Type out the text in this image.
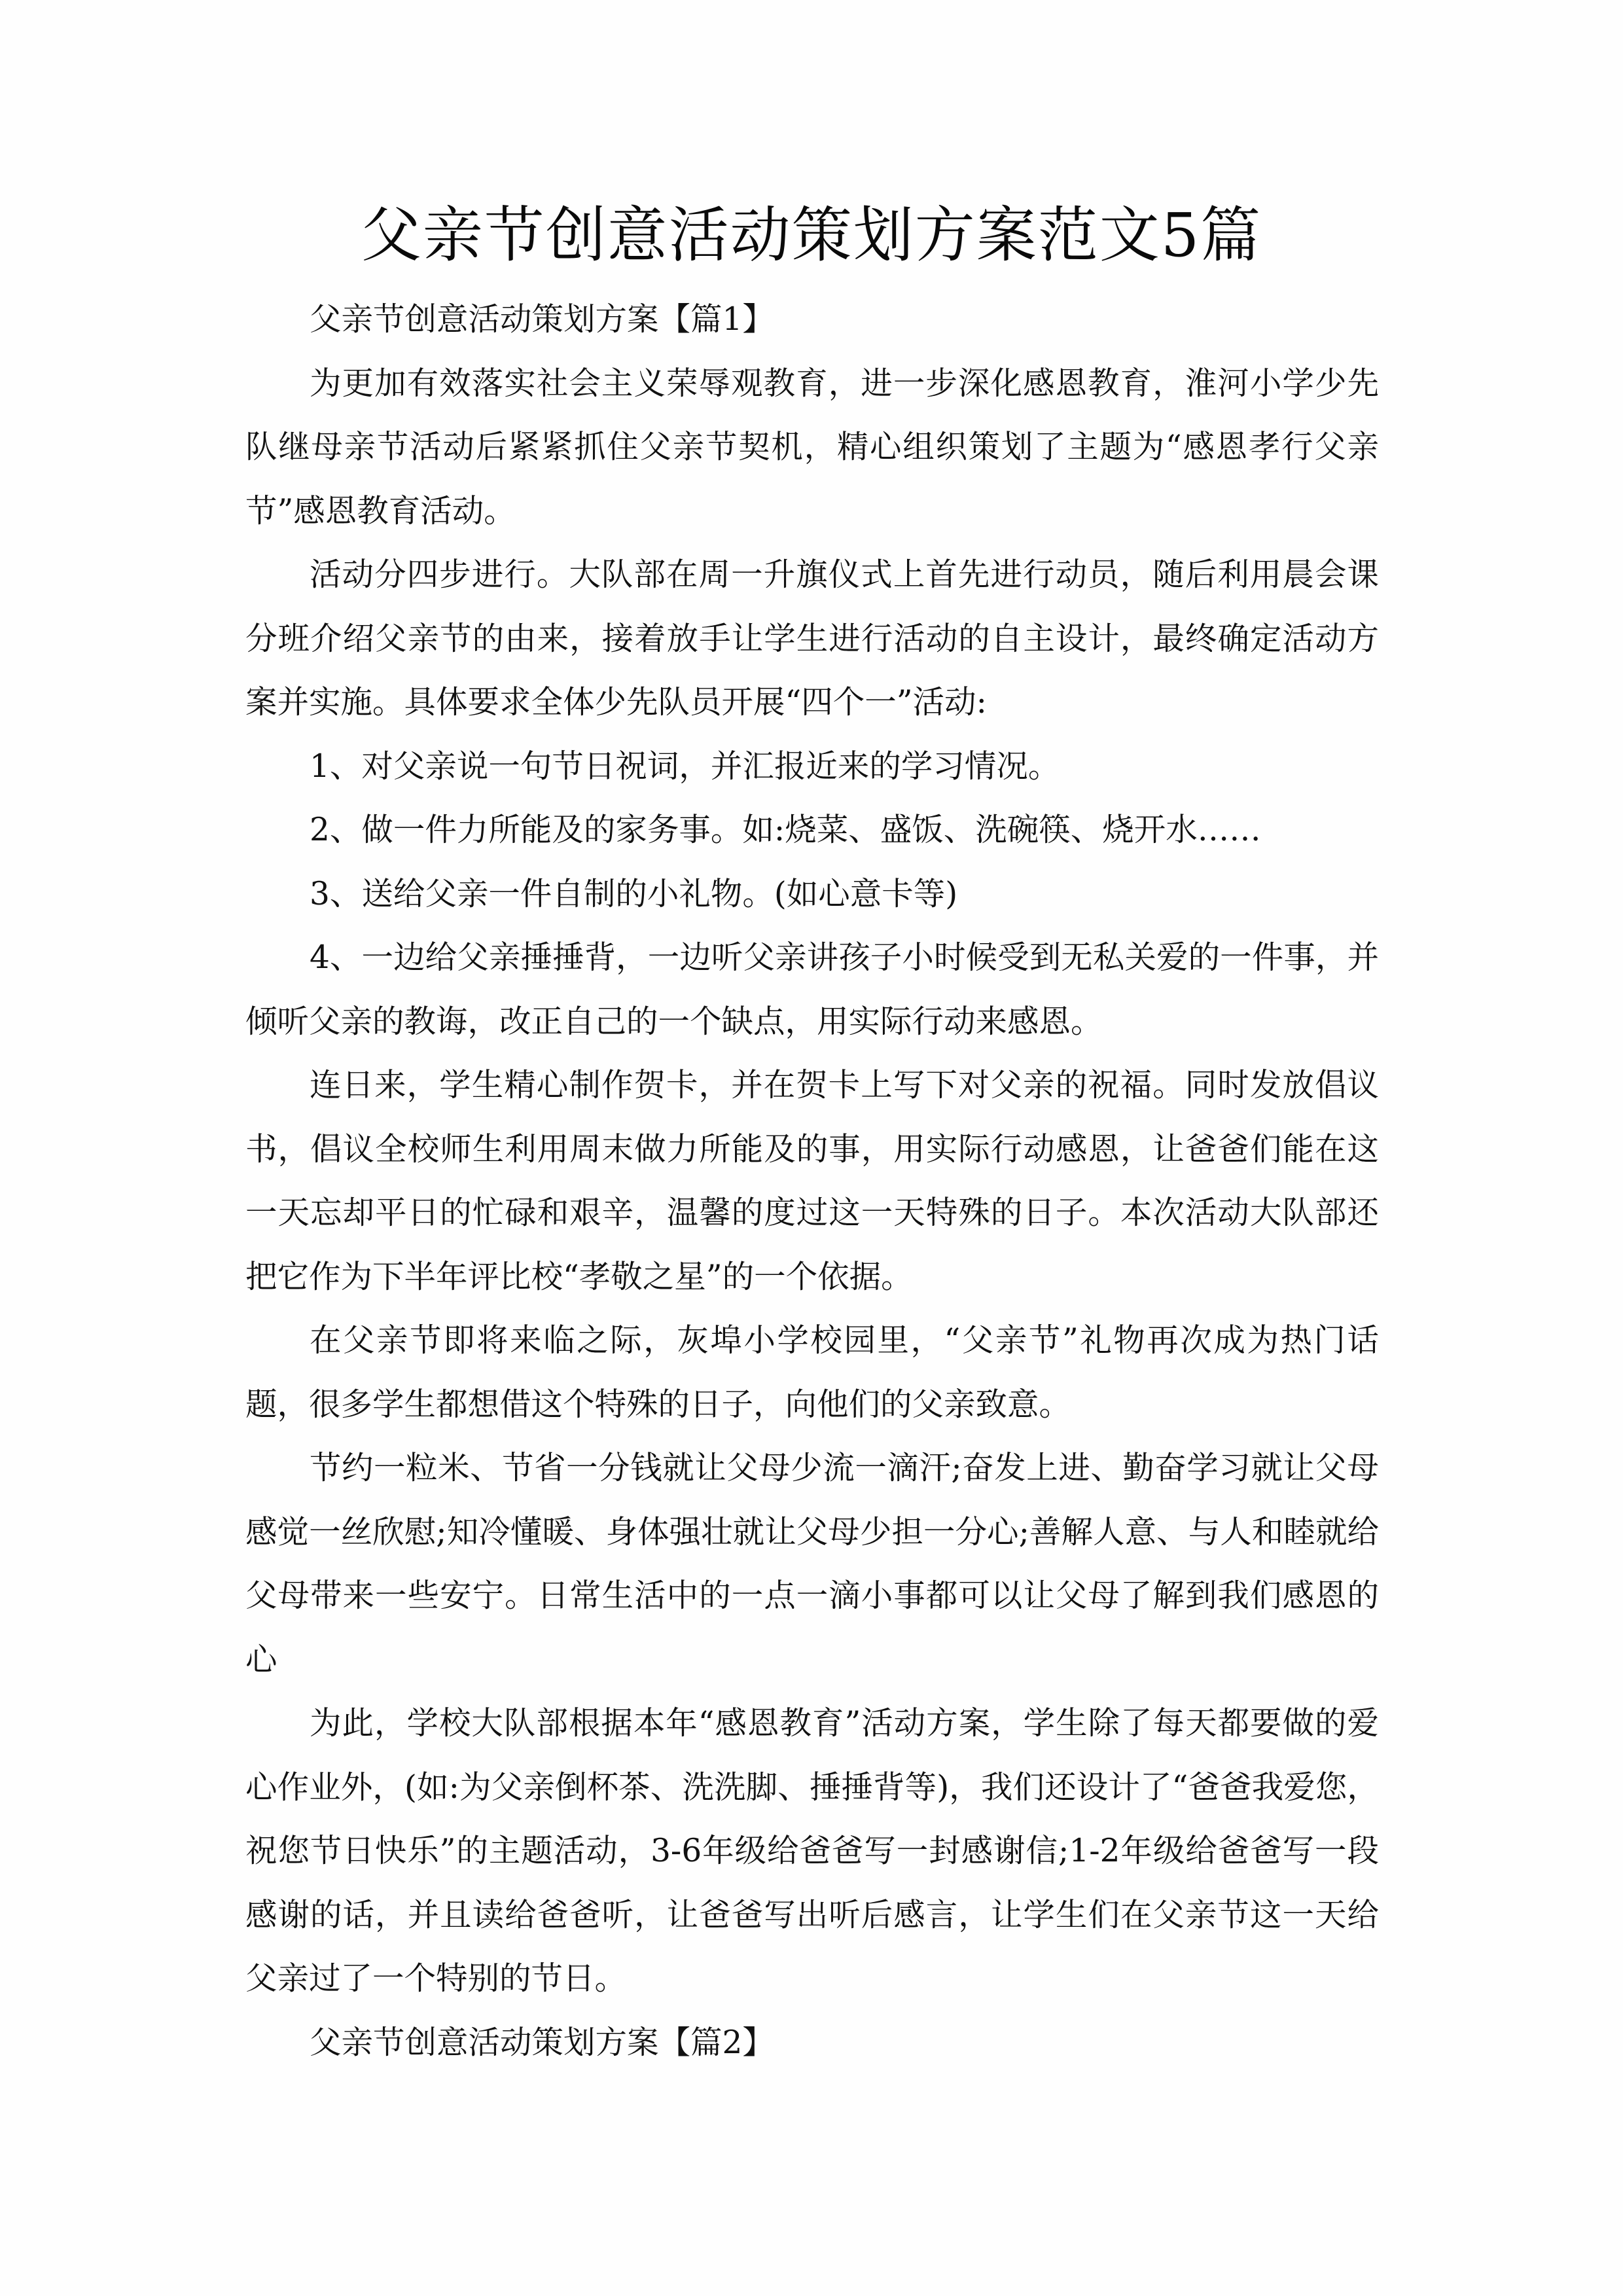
父亲节创意活动策划方案范文5篇

父亲节创意活动策划方案【篇1】

为更加有效落实社会主义荣辱观教育，进一步深化感恩教育，淮河小学少先队继母亲节活动后紧紧抓住父亲节契机，精心组织策划了主题为“感恩孝行父亲节”感恩教育活动。

活动分四步进行。大队部在周一升旗仪式上首先进行动员，随后利用晨会课分班介绍父亲节的由来，接着放手让学生进行活动的自主设计，最终确定活动方案并实施。具体要求全体少先队员开展“四个一”活动:

1、对父亲说一句节日祝词，并汇报近来的学习情况。

2、做一件力所能及的家务事。如:烧菜、盛饭、洗碗筷、烧开水……

3、送给父亲一件自制的小礼物。(如心意卡等)

4、一边给父亲捶捶背，一边听父亲讲孩子小时候受到无私关爱的一件事，并倾听父亲的教诲，改正自己的一个缺点，用实际行动来感恩。

连日来，学生精心制作贺卡，并在贺卡上写下对父亲的祝福。同时发放倡议书，倡议全校师生利用周末做力所能及的事，用实际行动感恩，让爸爸们能在这一天忘却平日的忙碌和艰辛，温馨的度过这一天特殊的日子。本次活动大队部还把它作为下半年评比校“孝敬之星”的一个依据。

在父亲节即将来临之际，灰埠小学校园里，“父亲节”礼物再次成为热门话题，很多学生都想借这个特殊的日子，向他们的父亲致意。

节约一粒米、节省一分钱就让父母少流一滴汗;奋发上进、勤奋学习就让父母感觉一丝欣慰;知冷懂暖、身体强壮就让父母少担一分心;善解人意、与人和睦就给父母带来一些安宁。日常生活中的一点一滴小事都可以让父母了解到我们感恩的心

为此，学校大队部根据本年“感恩教育”活动方案，学生除了每天都要做的爱心作业外，(如:为父亲倒杯茶、洗洗脚、捶捶背等)，我们还设计了“爸爸我爱您，祝您节日快乐”的主题活动，3-6年级给爸爸写一封感谢信;1-2年级给爸爸写一段感谢的话，并且读给爸爸听，让爸爸写出听后感言，让学生们在父亲节这一天给父亲过了一个特别的节日。

父亲节创意活动策划方案【篇2】
